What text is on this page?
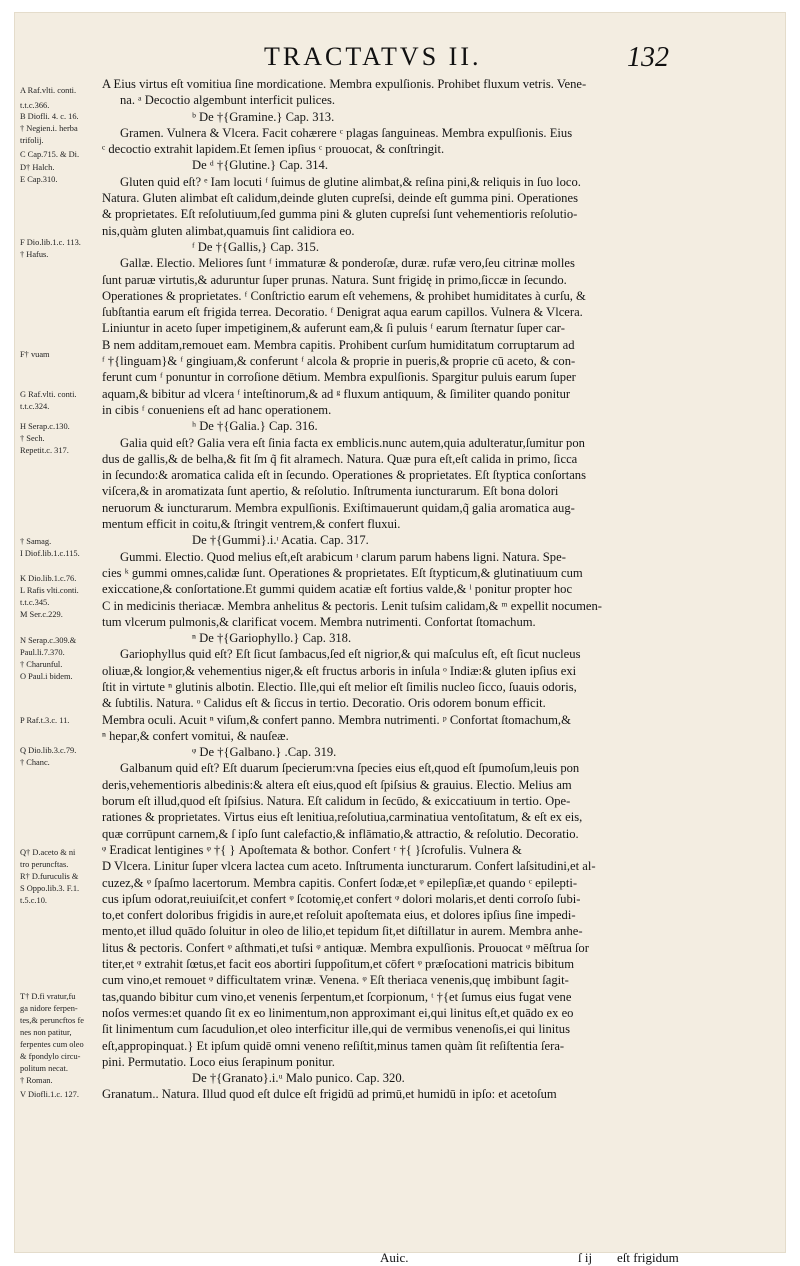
TRACTATVS II.	132
A Raf.vlti. conti.
t.t.c.366.
B Diofli. 4. c. 16.
† Negien.i. herba
trifolij.
C Cap.715. & Di.
D† Halch.
E Cap.310.
F Dio.lib.1.c. 113.
† Hafus.
F† vuam
G Raf.vlti. conti.
t.t.c.324.
H Serap.c.130.
† Sech.
Repetit.c. 317.
† Samag.
I Diof.lib.1.c.115.
K Dio.lib.1.c.76.
L Rafis vlti.conti.
t.t.c.345.
M Ser.c.229.
N Serap.c.309.&
Paul.li.7.370.
† Charunful.
O Paul.i bidem.
P Raf.t.3.c. 11.
Q Dio.lib.3.c.79.
† Chanc.
Q† D.aceto & ni
tro peruncftas.
R† D.furuculis &
S Oppo.lib.3. F.1.
t.5.c.10.
T† D.fi vratur,fu
ga nidore ferpen-
tes,& peruncftos fe
nes non patitur,
ferpentes cum oleo
& fpondylo circu-
politum necat.
† Roman.
V Diofli.1.c. 127.
A Eius virtus eſt vomitiua ſine mordicatione. Membra expulſionis. Prohibet fluxum vetris. Vene-
na. ᵃ Decoctio algembunt interficit pulices.
ᵇ De †{Gramine.} Cap. 313.
Gramen. Vulnera & Vlcera. Facit cohærere ᶜ plagas ſanguineas. Membra expulſionis. Eius
ᶜ decoctio extrahit lapidem.Et ſemen ipſius ᶜ prouocat, & conſtringit.
De ᵈ †{Glutine.} Cap. 314.
Gluten quid eſt? ᵉ Iam locuti ᶠ ſuimus de glutine alimbat,& reſina pini,& reliquis in ſuo loco.
Natura. Gluten alimbat eſt calidum,deinde gluten cupreſsi, deinde eſt gumma pini. Operationes
& proprietates. Eſt reſolutiuum,ſed gumma pini & gluten cupreſsi ſunt vehementioris reſolutio-
nis,quàm gluten alimbat,quamuis ſint calidiora eo.
ᶠ De †{Gallis,} Cap. 315.
Gallæ. Electio. Meliores ſunt ᶠ immaturæ & ponderoſæ, duræ. rufæ vero,ſeu citrinæ molles
ſunt paruæ virtutis,& aduruntur ſuper prunas. Natura. Sunt frigidę in primo,ſiccæ in ſecundo.
Operationes & proprietates. ᶠ Conſtrictio earum eſt vehemens, & prohibet humiditates à curſu, &
ſubſtantia earum eſt frigida terrea. Decoratio. ᶠ Denigrat aqua earum capillos. Vulnera & Vlcera.
Liniuntur in aceto ſuper impetiginem,& auferunt eam,& ſi puluis ᶠ earum ſternatur ſuper car-
B nem additam,remouet eam. Membra capitis. Prohibent curſum humiditatum corruptarum ad
ᶠ †{linguam}& ᶠ gingiuam,& conferunt ᶠ alcola & proprie in pueris,& proprie cū aceto, & con-
ferunt cum ᶠ ponuntur in corroſione dētium. Membra expulſionis. Spargitur puluis earum ſuper
aquam,& bibitur ad vlcera ᶠ inteſtinorum,& ad ᵍ fluxum antiquum, & ſimiliter quando ponitur
in cibis ᶠ conueniens eſt ad hanc operationem.
ʰ De †{Galia.} Cap. 316.
Galia quid eſt? Galia vera eſt ſinia facta ex emblicis.nunc autem,quia adulteratur,ſumitur pon
dus de gallis,& de belha,& fit ſm q̃ fit alramech. Natura. Quæ pura eſt,eſt calida in primo, ſicca
in ſecundo:& aromatica calida eſt in ſecundo. Operationes & proprietates. Eſt ſtyptica conſortans
viſcera,& in aromatizata ſunt apertio, & reſolutio. Inſtrumenta iuncturarum. Eſt bona dolori
neruorum & iuncturarum. Membra expulſionis. Exiſtimauerunt quidam,q̃ galia aromatica aug-
mentum efficit in coitu,& ſtringit ventrem,& confert fluxui.
De †{Gummi}.i.ᶦ Acatia. Cap. 317.
Gummi. Electio. Quod melius eſt,eſt arabicum ᶦ clarum parum habens ligni. Natura. Spe-
cies ᵏ gummi omnes,calidæ ſunt. Operationes & proprietates. Eſt ſtypticum,& glutinatiuum cum
exiccatione,& conſortatione.Et gummi quidem acatiæ eſt fortius valde,& ˡ ponitur propter hoc
C in medicinis theriacæ. Membra anhelitus & pectoris. Lenit tuſsim calidam,& ᵐ expellit nocumen-
tum vlcerum pulmonis,& clarificat vocem. Membra nutrimenti. Confortat ſtomachum.
ⁿ De †{Gariophyllo.} Cap. 318.
Gariophyllus quid eſt? Eſt ſicut ſambacus,ſed eſt nigrior,& qui maſculus eſt, eſt ſicut nucleus
oliuæ,& longior,& vehementius niger,& eſt fructus arboris in inſula ᵒ Indiæ:& gluten ipſius exi
ſtit in virtute ⁿ glutinis albotin. Electio. Ille,qui eſt melior eſt ſimilis nucleo ſicco, ſuauis odoris,
& ſubtilis. Natura. ᵒ Calidus eſt & ſiccus in tertio. Decoratio. Oris odorem bonum efficit.
Membra oculi. Acuit ⁿ viſum,& confert panno. Membra nutrimenti. ᵖ Confortat ſtomachum,&
ⁿ hepar,& confert vomitui, & nauſeæ.
ᵠ De †{Galbano.} .Cap. 319.
Galbanum quid eſt? Eſt duarum ſpecierum:vna ſpecies eius eſt,quod eſt ſpumoſum,leuis pon
deris,vehementioris albedinis:& altera eſt eius,quod eſt ſpiſsius & grauius. Electio. Melius am
borum eſt illud,quod eſt ſpiſsius. Natura. Eſt calidum in ſecūdo, & exiccatiuum in tertio. Ope-
rationes & proprietates. Virtus eius eſt lenitiua,reſolutiua,carminatiua ventoſitatum, & eſt ex eis,
quæ corrūpunt carnem,& ſ ipſo ſunt calefactio,& inflāmatio,& attractio, & reſolutio. Decoratio.
ᵠ Eradicat lentigines ᵠ †{ } Apoſtemata & bothor. Confert ʳ †{ }ſcrofulis. Vulnera &
D Vlcera. Linitur ſuper vlcera lactea cum aceto. Inſtrumenta iuncturarum. Confert laſsitudini,et al-
cuzez,& ᵠ ſpaſmo lacertorum. Membra capitis. Confert ſodæ,et ᵠ epilepſiæ,et quando ᶜ epilepti-
cus ipſum odorat,reuiuiſcit,et confert ᵠ ſcotomię,et confert ᵠ dolori molaris,et denti corroſo ſubi-
to,et confert doloribus frigidis in aure,et reſoluit apoſtemata eius, et dolores ipſius ſine impedi-
mento,et illud quādo ſoluitur in oleo de lilio,et tepidum ſit,et diſtillatur in aurem. Membra anhe-
litus & pectoris. Confert ᵠ aſthmati,et tuſsi ᵠ antiquæ. Membra expulſionis. Prouocat ᵠ mēſtrua ſor
titer,et ᵠ extrahit ſœtus,et facit eos abortiri ſuppoſitum,et cōfert ᵠ præſocationi matricis bibitum
cum vino,et remouet ᵠ difficultatem vrinæ. Venena. ᵠ Eſt theriaca venenis,quę imbibunt ſagit-
tas,quando bibitur cum vino,et venenis ſerpentum,et ſcorpionum, ᵗ †{et ſumus eius fugat vene
noſos vermes:et quando ſit ex eo linimentum,non approximant ei,qui linitus eſt,et quādo ex eo
ſit linimentum cum ſacudulion,et oleo interficitur ille,qui de vermibus venenoſis,ei qui linitus
eſt,appropinquat.} Et ipſum quidē omni veneno reſiſtit,minus tamen quàm ſit reſiſtentia ſera-
pini. Permutatio. Loco eius ſerapinum ponitur.
De †{Granato}.i.ᵘ Malo punico. Cap. 320.
Granatum.. Natura. Illud quod eſt dulce eſt frigidū ad primū,et humidū in ipſo: et acetoſum
Auic.	ſ ij eſt frigidum
